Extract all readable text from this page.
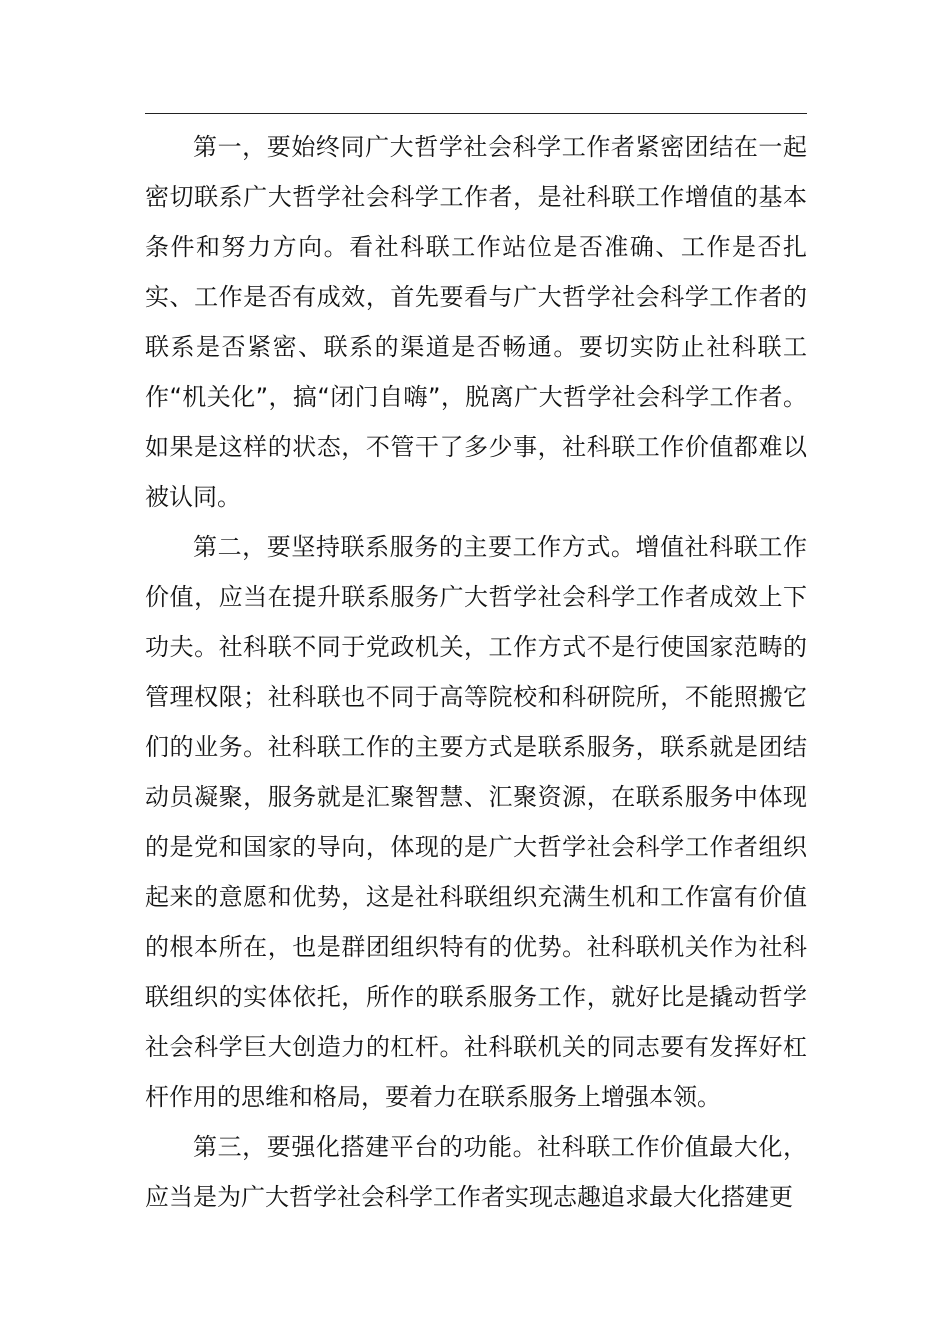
第一，要始终同广大哲学社会科学工作者紧密团结在一起密切联系广大哲学社会科学工作者，是社科联工作增值的基本条件和努力方向。看社科联工作站位是否准确、工作是否扎实、工作是否有成效，首先要看与广大哲学社会科学工作者的联系是否紧密、联系的渠道是否畅通。要切实防止社科联工作“机关化”，搞“闭门自嗨”，脱离广大哲学社会科学工作者。如果是这样的状态，不管干了多少事，社科联工作价值都难以被认同。

第二，要坚持联系服务的主要工作方式。增值社科联工作价值，应当在提升联系服务广大哲学社会科学工作者成效上下功夫。社科联不同于党政机关，工作方式不是行使国家范畴的管理权限；社科联也不同于高等院校和科研院所，不能照搬它们的业务。社科联工作的主要方式是联系服务，联系就是团结动员凝聚，服务就是汇聚智慧、汇聚资源，在联系服务中体现的是党和国家的导向，体现的是广大哲学社会科学工作者组织起来的意愿和优势，这是社科联组织充满生机和工作富有价值的根本所在，也是群团组织特有的优势。社科联机关作为社科联组织的实体依托，所作的联系服务工作，就好比是撬动哲学社会科学巨大创造力的杠杆。社科联机关的同志要有发挥好杠杆作用的思维和格局，要着力在联系服务上增强本领。

第三，要强化搭建平台的功能。社科联工作价值最大化，应当是为广大哲学社会科学工作者实现志趣追求最大化搭建更
